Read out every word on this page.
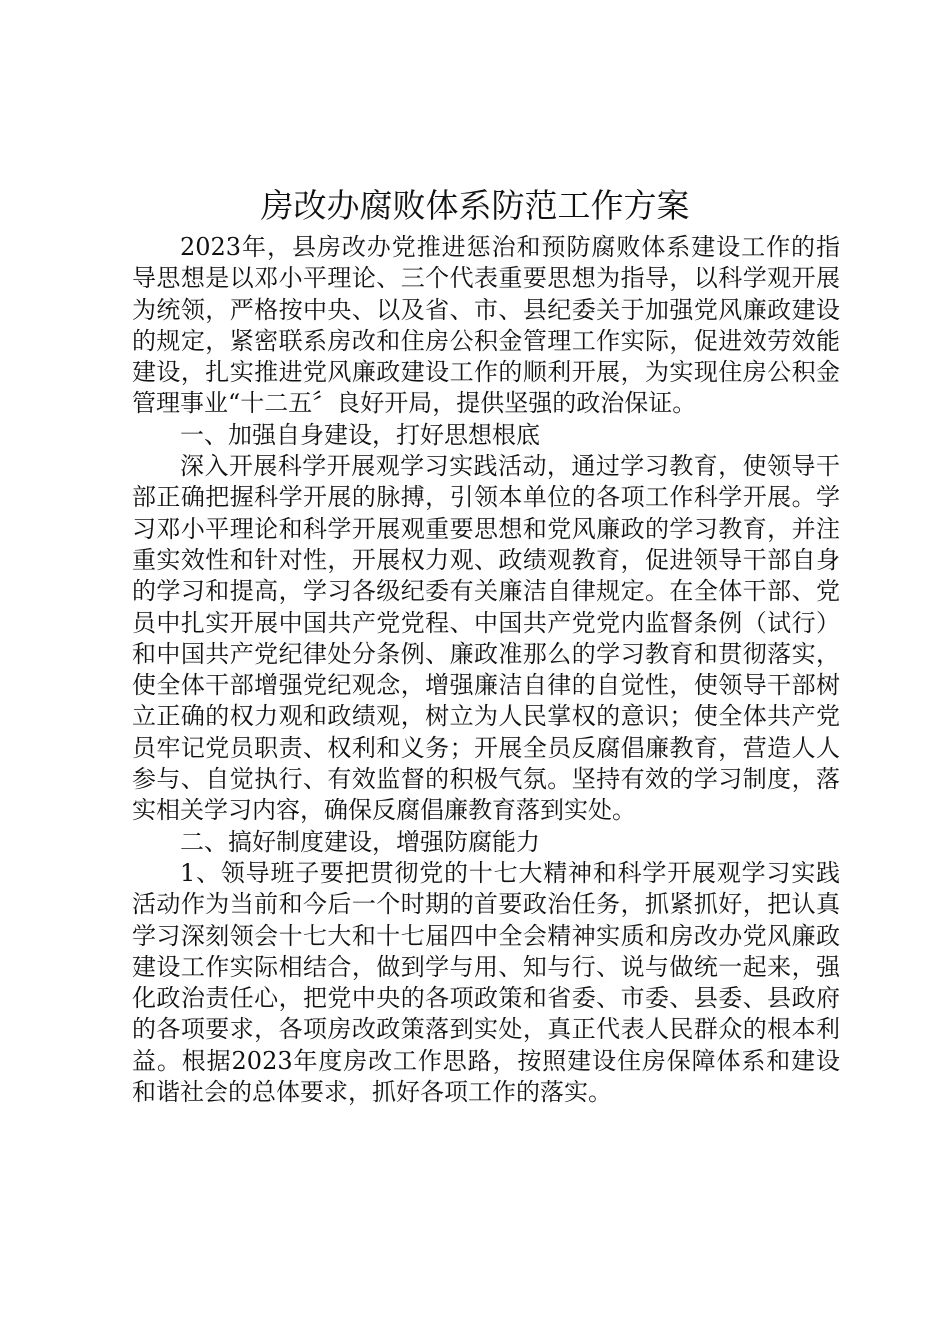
房改办腐败体系防范工作方案

2023年，县房改办党推进惩治和预防腐败体系建设工作的指导思想是以邓小平理论、三个代表重要思想为指导，以科学观开展为统领，严格按中央、以及省、市、县纪委关于加强党风廉政建设的规定，紧密联系房改和住房公积金管理工作实际，促进效劳效能建设，扎实推进党风廉政建设工作的顺利开展，为实现住房公积金管理事业“十二五〞良好开局，提供坚强的政治保证。

一、加强自身建设，打好思想根底

深入开展科学开展观学习实践活动，通过学习教育，使领导干部正确把握科学开展的脉搏，引领本单位的各项工作科学开展。学习邓小平理论和科学开展观重要思想和党风廉政的学习教育，并注重实效性和针对性，开展权力观、政绩观教育，促进领导干部自身的学习和提高，学习各级纪委有关廉洁自律规定。在全体干部、党员中扎实开展中国共产党党程、中国共产党党内监督条例（试行）和中国共产党纪律处分条例、廉政准那么的学习教育和贯彻落实，使全体干部增强党纪观念，增强廉洁自律的自觉性，使领导干部树立正确的权力观和政绩观，树立为人民掌权的意识；使全体共产党员牢记党员职责、权利和义务；开展全员反腐倡廉教育，营造人人参与、自觉执行、有效监督的积极气氛。坚持有效的学习制度，落实相关学习内容，确保反腐倡廉教育落到实处。

二、搞好制度建设，增强防腐能力

1、领导班子要把贯彻党的十七大精神和科学开展观学习实践活动作为当前和今后一个时期的首要政治任务，抓紧抓好，把认真学习深刻领会十七大和十七届四中全会精神实质和房改办党风廉政建设工作实际相结合，做到学与用、知与行、说与做统一起来，强化政治责任心，把党中央的各项政策和省委、市委、县委、县政府的各项要求，各项房改政策落到实处，真正代表人民群众的根本利益。根据2023年度房改工作思路，按照建设住房保障体系和建设和谐社会的总体要求，抓好各项工作的落实。
